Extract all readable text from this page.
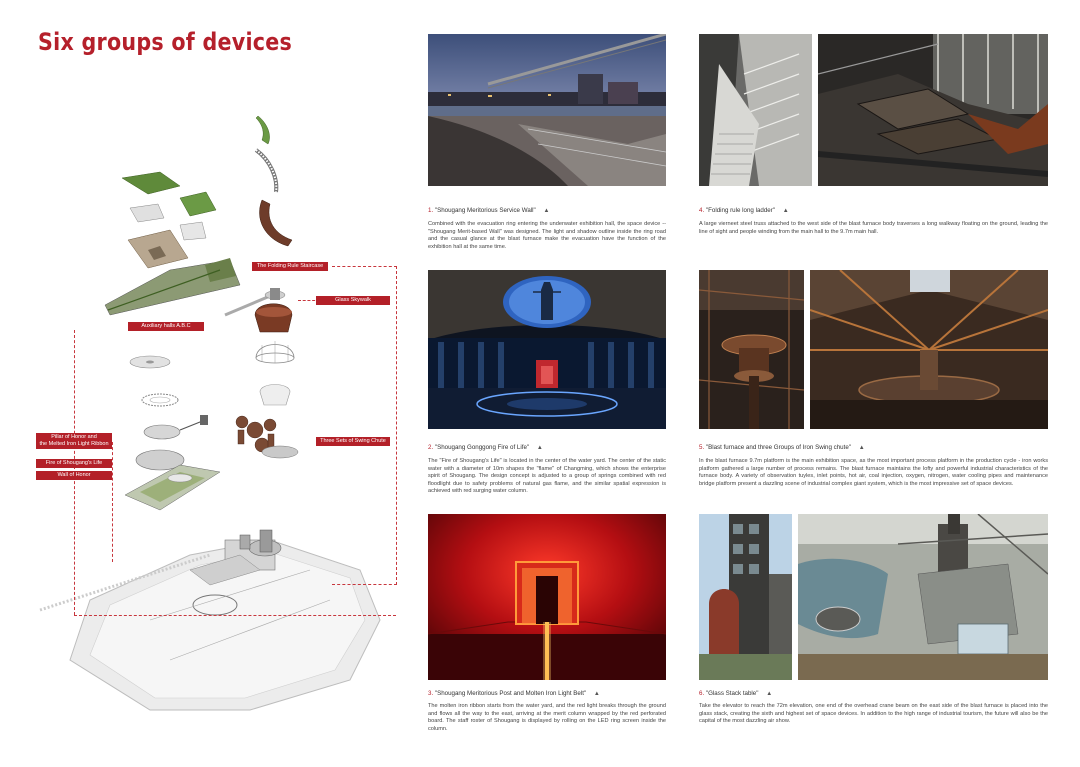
Six groups of devices
The Folding Rule Staircase
Glass Skywalk
Auxiliary halls A.B.C
Pillar of Honor and
the Melted Iron Light Ribbon
Fire of Shougang's Life
Wall of Honor
Three Sets of Swing Chute
1. "Shougang Meritorious Service Wall" ▲
Combined with the evacuation ring entering the underwater exhibition hall, the space device -- "Shougang Merit-based Wall" was designed. The light and shadow outline inside the ring road and the casual glance at the blast furnace make the evacuation have the function of the exhibition hall at the same time.
2. "Shougang Gonggong Fire of Life" ▲
The "Fire of Shougang's Life" is located in the center of the water yard. The center of the static water with a diameter of 10m shapes the "flame" of Changming, which shows the enterprise spirit of Shougang. The design concept is adjusted to a group of springs combined with red floodlight due to safety problems of natural gas flame, and the similar spatial expression is achieved with red surging water column.
3. "Shougang Meritorious Post and Molten Iron Light Belt" ▲
The molten iron ribbon starts from the water yard, and the red light breaks through the ground and flows all the way to the east, arriving at the merit column wrapped by the red perforated board. The staff roster of Shougang is displayed by rolling on the LED ring screen inside the column.
4. "Folding rule long ladder" ▲
A large vierneet steel truss attached to the west side of the blast furnace body traverses a long walkway floating on the ground, leading the line of sight and people winding from the main hall to the 9.7m main hall.
5. "Blast furnace and three Groups of Iron Swing chute" ▲
In the blast furnace 9.7m platform is the main exhibition space, as the most important process platform in the production cycle - iron works platform gathered a large number of process remains. The blast furnace maintains the lofty and powerful industrial characteristics of the furnace body. A variety of observation tuyles, inlet points, hot air, coal injection, oxygen, nitrogen, water cooling pipes and maintenance bridge platform present a dazzling scene of industrial complex giant system, which is the most impressive set of space devices.
6. "Glass Stack table" ▲
Take the elevator to reach the 72m elevation, one end of the overhead crane beam on the east side of the blast furnace is placed into the glass stack, creating the sixth and highest set of space devices. In addition to the high range of industrial tourism, the future will also be the capital of the most dazzling air show.
